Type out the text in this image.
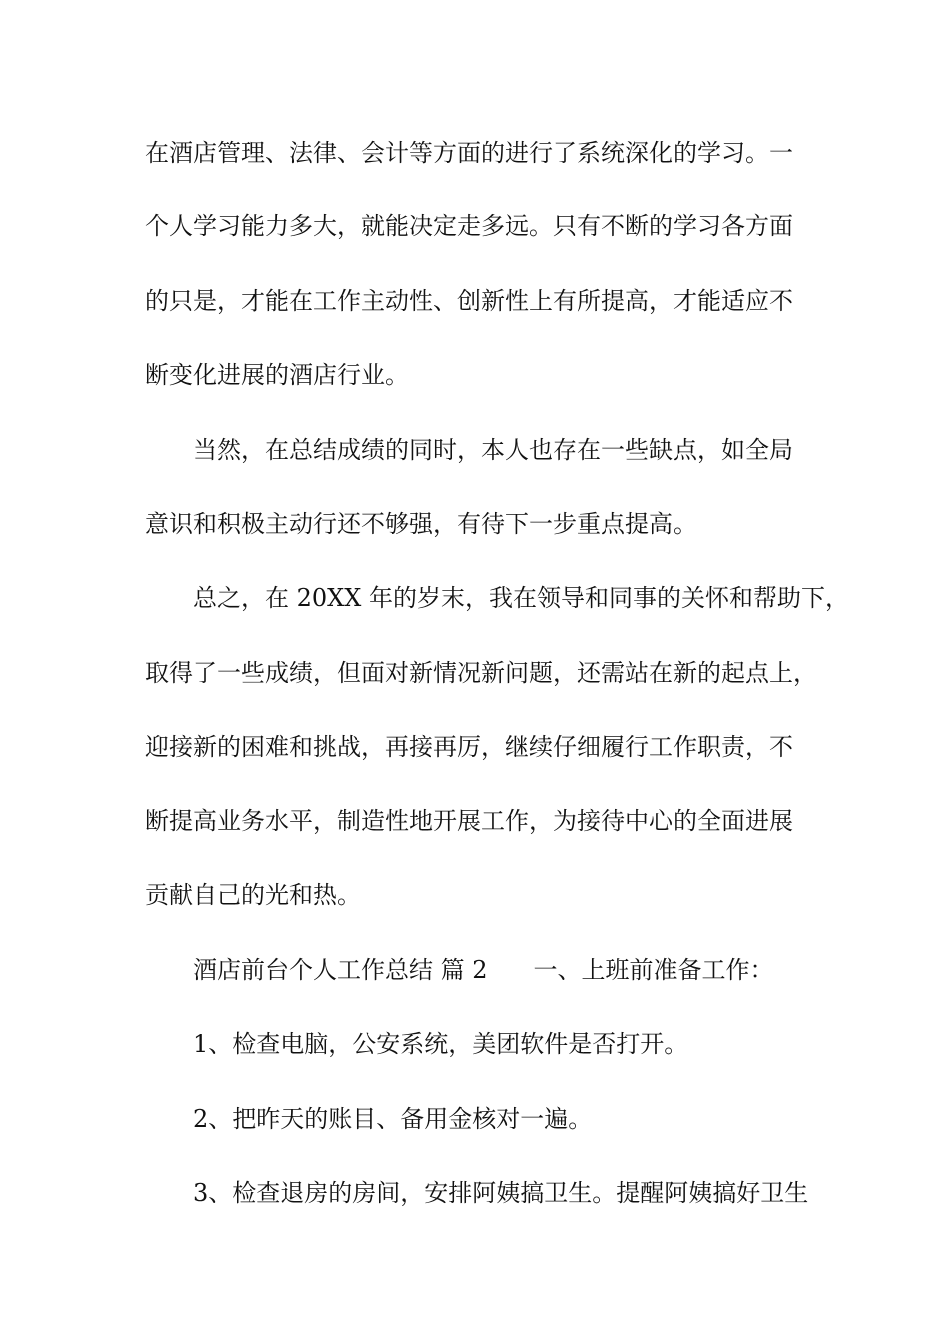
在酒店管理、法律、会计等方面的进行了系统深化的学习。一
个人学习能力多大，就能决定走多远。只有不断的学习各方面
的只是，才能在工作主动性、创新性上有所提高，才能适应不
断变化进展的酒店行业。
当然，在总结成绩的同时，本人也存在一些缺点，如全局
意识和积极主动行还不够强，有待下一步重点提高。
总之，在 20XX 年的岁末，我在领导和同事的关怀和帮助下，
取得了一些成绩，但面对新情况新问题，还需站在新的起点上，
迎接新的困难和挑战，再接再厉，继续仔细履行工作职责，不
断提高业务水平，制造性地开展工作，为接待中心的全面进展
贡献自己的光和热。
酒店前台个人工作总结 篇 2 一、上班前准备工作：
1、检查电脑，公安系统，美团软件是否打开。
2、把昨天的账目、备用金核对一遍。
3、检查退房的房间，安排阿姨搞卫生。提醒阿姨搞好卫生
